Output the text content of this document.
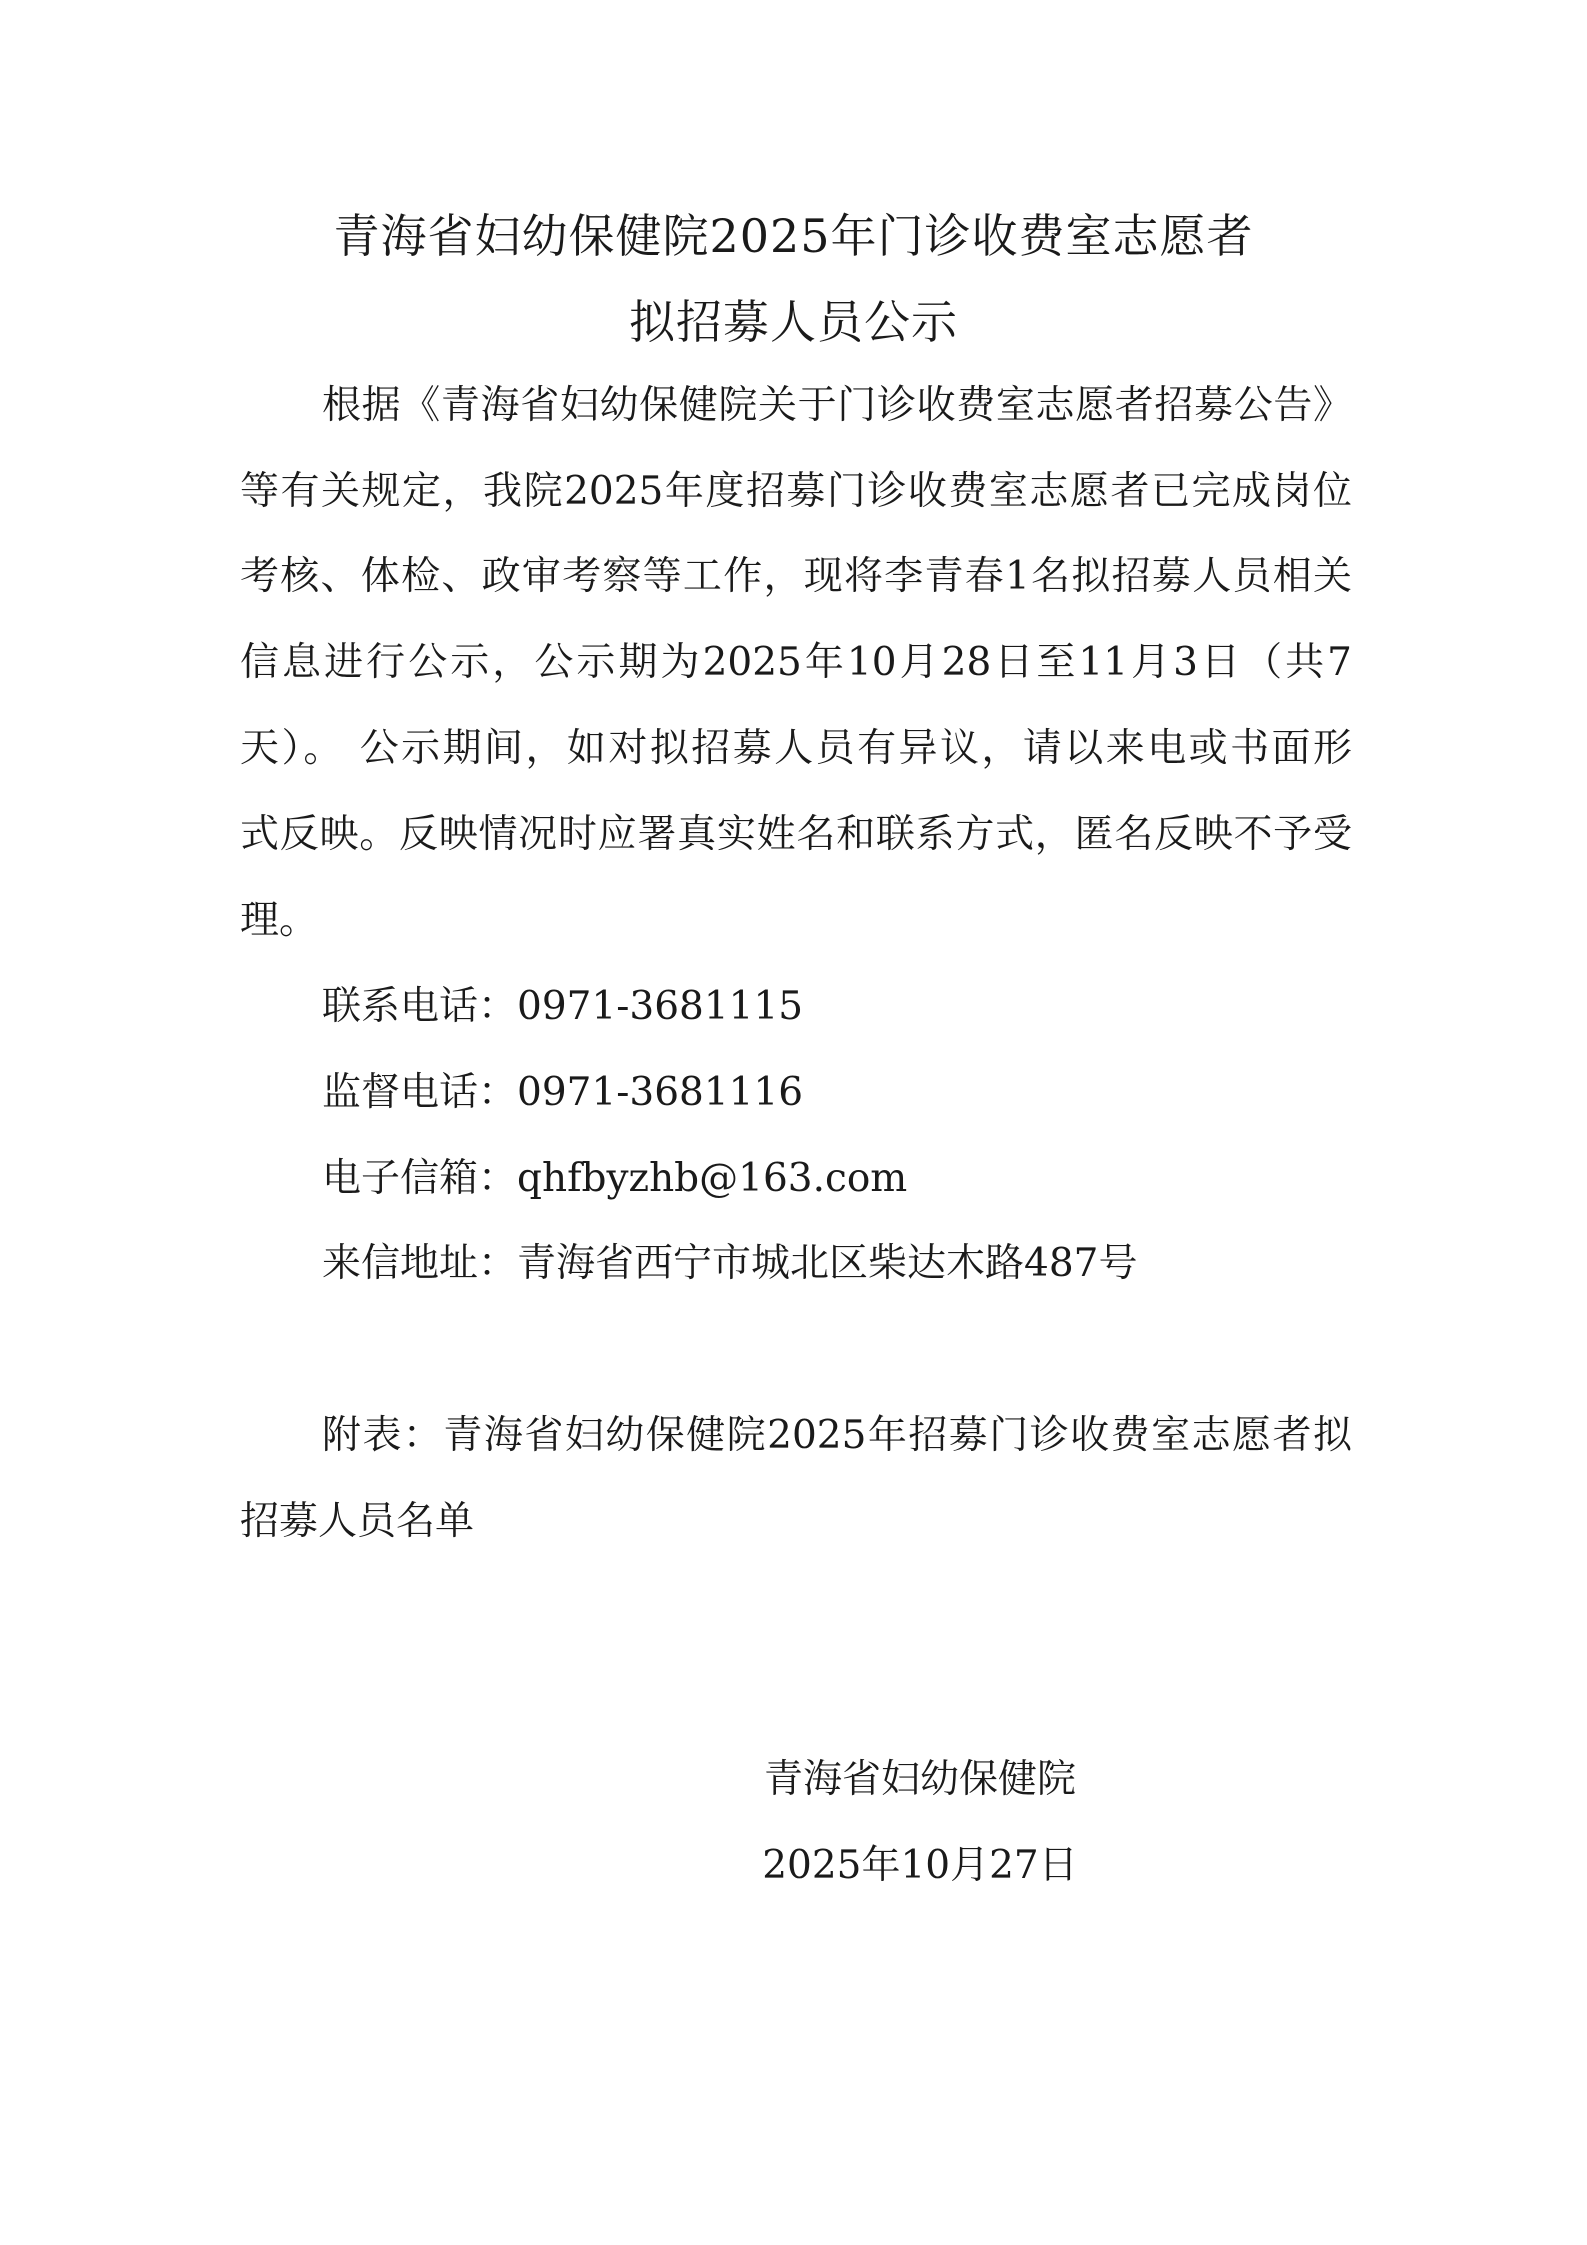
青海省妇幼保健院2025年门诊收费室志愿者
拟招募人员公示
根据《青海省妇幼保健院关于门诊收费室志愿者招募公告》
等有关规定，我院2025年度招募门诊收费室志愿者已完成岗位
考核、体检、政审考察等工作，现将李青春1名拟招募人员相关
信息进行公示，公示期为2025年10月28日至11月3日（共7
天）。 公示期间，如对拟招募人员有异议，请以来电或书面形
式反映。反映情况时应署真实姓名和联系方式，匿名反映不予受
理。
联系电话：0971-3681115
监督电话：0971-3681116
电子信箱：qhfbyzhb@163.com
来信地址：青海省西宁市城北区柴达木路487号
附表：青海省妇幼保健院2025年招募门诊收费室志愿者拟
招募人员名单
青海省妇幼保健院
2025年10月27日
